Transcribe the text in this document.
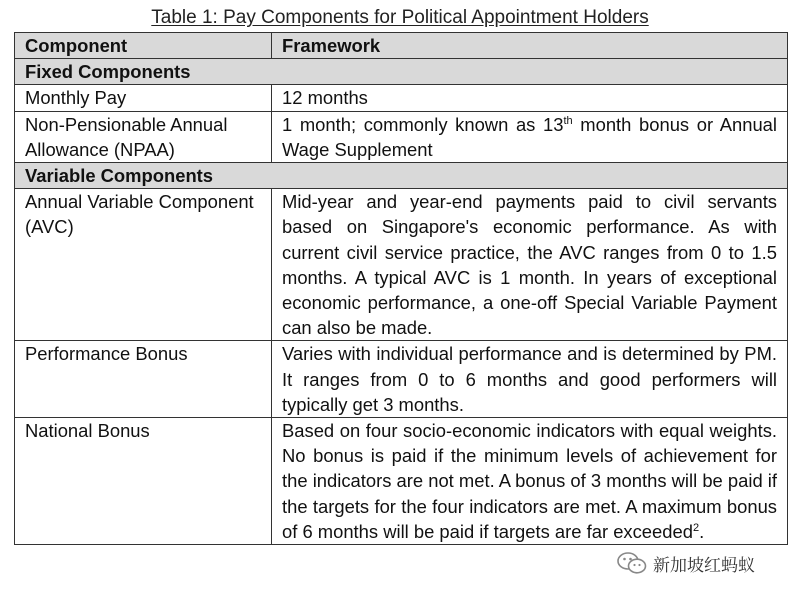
Table 1: Pay Components for Political Appointment Holders
Component	Framework
Fixed Components	
Monthly Pay	12 months
Non-Pensionable Annual Allowance (NPAA)	1 month; commonly known as 13th month bonus or Annual Wage Supplement
Variable Components	
Annual Variable Component (AVC)	Mid-year and year-end payments paid to civil servants based on Singapore's economic performance. As with current civil service practice, the AVC ranges from 0 to 1.5 months. A typical AVC is 1 month. In years of exceptional economic performance, a one-off Special Variable Payment can also be made.
Performance Bonus	Varies with individual performance and is determined by PM. It ranges from 0 to 6 months and good performers will typically get 3 months.
National Bonus	Based on four socio-economic indicators with equal weights. No bonus is paid if the minimum levels of achievement for the indicators are not met. A bonus of 3 months will be paid if the targets for the four indicators are met. A maximum bonus of 6 months will be paid if targets are far exceeded$^2$.
新加坡红蚂蚁
